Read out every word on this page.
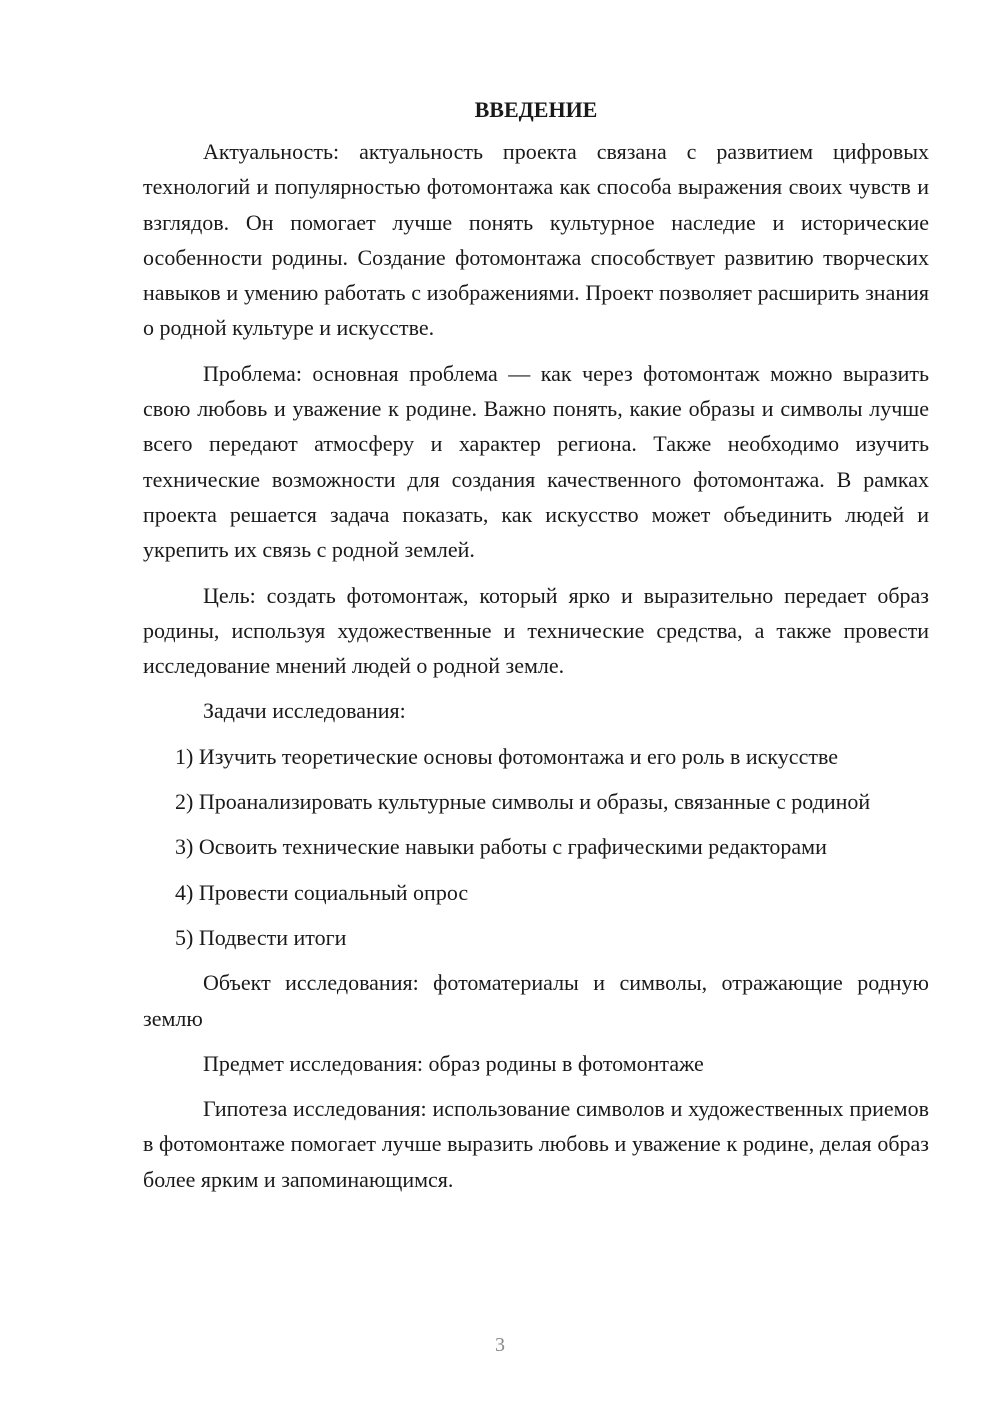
ВВЕДЕНИЕ

Актуальность: актуальность проекта связана с развитием цифровых технологий и популярностью фотомонтажа как способа выражения своих чувств и взглядов. Он помогает лучше понять культурное наследие и исторические особенности родины. Создание фотомонтажа способствует развитию творческих навыков и умению работать с изображениями. Проект позволяет расширить знания о родной культуре и искусстве.

Проблема: основная проблема — как через фотомонтаж можно выразить свою любовь и уважение к родине. Важно понять, какие образы и символы лучше всего передают атмосферу и характер региона. Также необходимо изучить технические возможности для создания качественного фотомонтажа. В рамках проекта решается задача показать, как искусство может объединить людей и укрепить их связь с родной землей.

Цель: создать фотомонтаж, который ярко и выразительно передает образ родины, используя художественные и технические средства, а также провести исследование мнений людей о родной земле.

Задачи исследования:

1) Изучить теоретические основы фотомонтажа и его роль в искусстве

2) Проанализировать культурные символы и образы, связанные с родиной

3) Освоить технические навыки работы с графическими редакторами

4) Провести социальный опрос

5) Подвести итоги

Объект исследования: фотоматериалы и символы, отражающие родную землю

Предмет исследования: образ родины в фотомонтаже

Гипотеза исследования: использование символов и художественных приемов в фотомонтаже помогает лучше выразить любовь и уважение к родине, делая образ более ярким и запоминающимся.

3
